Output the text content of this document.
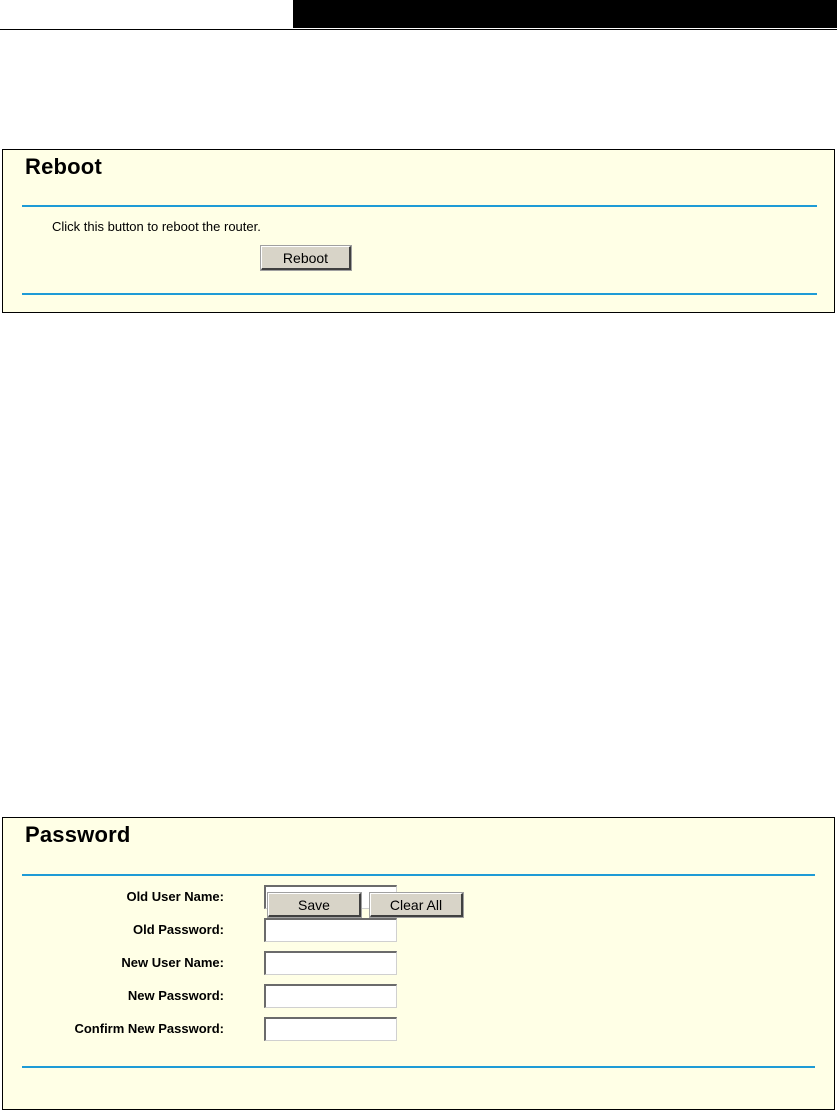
Reboot
Click this button to reboot the router.
Reboot
Password
Old User Name:
admin
Old Password:
New User Name:
New Password:
Confirm New Password:
Save	Clear All
